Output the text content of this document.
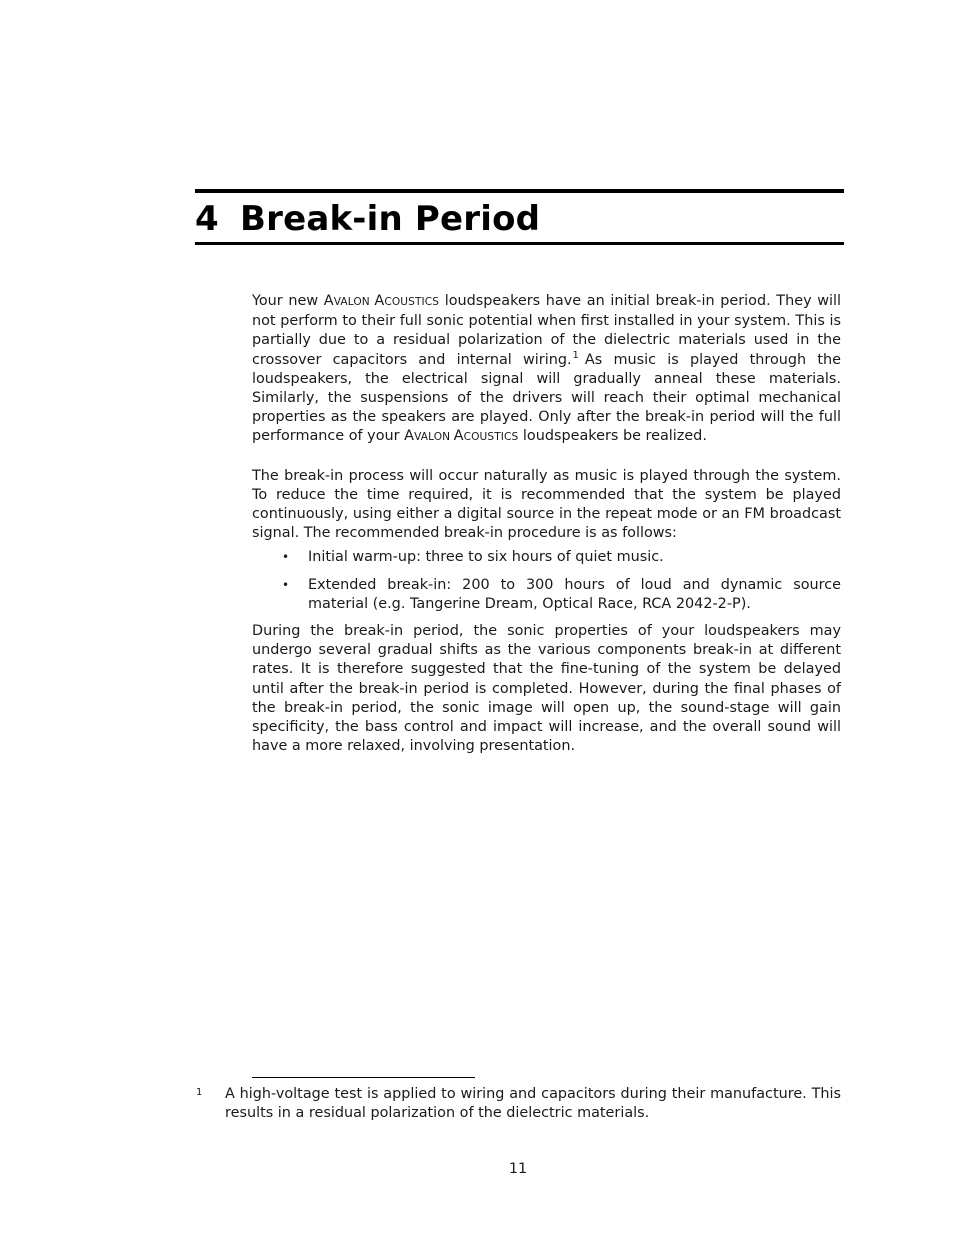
4 Break-in Period

Your new AVALON ACOUSTICS loudspeakers have an initial break-in period. They will not perform to their full sonic potential when first installed in your system. This is partially due to a residual polarization of the dielectric materials used in the crossover capacitors and internal wiring.$^1$ As music is played through the loudspeakers, the electrical signal will gradually anneal these materials. Similarly, the suspensions of the drivers will reach their optimal mechanical properties as the speakers are played. Only after the break-in period will the full performance of your AVALON ACOUSTICS loudspeakers be realized.

The break-in process will occur naturally as music is played through the system. To reduce the time required, it is recommended that the system be played continuously, using either a digital source in the repeat mode or an FM broadcast signal. The recommended break-in procedure is as follows:

• Initial warm-up: three to six hours of quiet music.
• Extended break-in: 200 to 300 hours of loud and dynamic source material (e.g. Tangerine Dream, Optical Race, RCA 2042-2-P).

During the break-in period, the sonic properties of your loudspeakers may undergo several gradual shifts as the various components break-in at different rates. It is therefore suggested that the fine-tuning of the system be delayed until after the break-in period is completed. However, during the final phases of the break-in period, the sonic image will open up, the sound-stage will gain specificity, the bass control and impact will increase, and the overall sound will have a more relaxed, involving presentation.

1 A high-voltage test is applied to wiring and capacitors during their manufacture. This results in a residual polarization of the dielectric materials.
11
